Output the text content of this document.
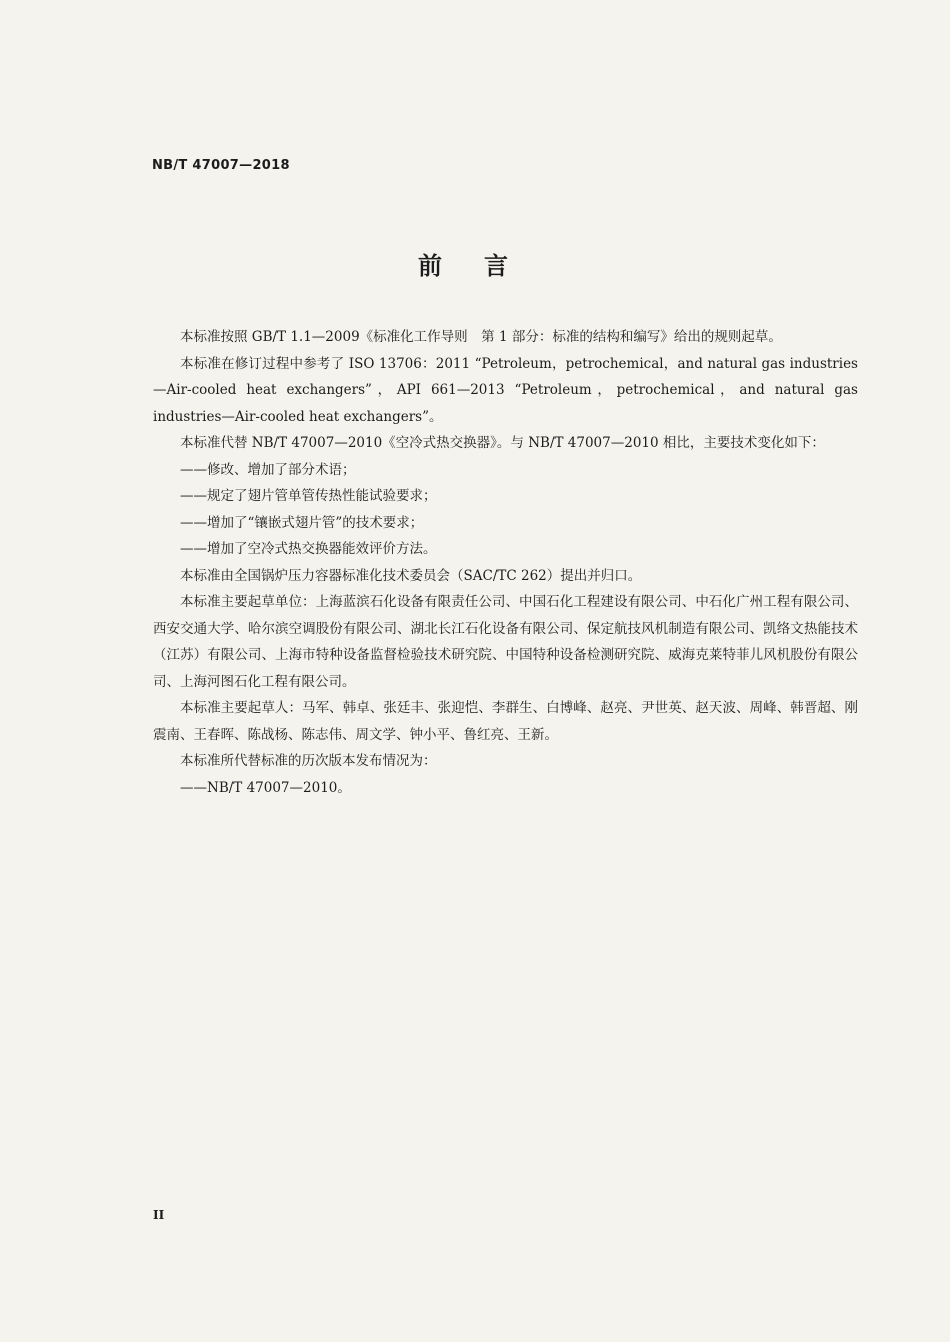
NB/T 47007—2018
前言

本标准按照 GB/T 1.1—2009《标准化工作导则　第 1 部分：标准的结构和编写》给出的规则起草。

本标准在修订过程中参考了 ISO 13706：2011 “Petroleum，petrochemical，and natural gas industries—Air-cooled heat exchangers”，API 661—2013 “Petroleum，petrochemical，and natural gas industries—Air-cooled heat exchangers”。

本标准代替 NB/T 47007—2010《空冷式热交换器》。与 NB/T 47007—2010 相比，主要技术变化如下：

——修改、增加了部分术语；

——规定了翅片管单管传热性能试验要求；

——增加了“镶嵌式翅片管”的技术要求；

——增加了空冷式热交换器能效评价方法。

本标准由全国锅炉压力容器标准化技术委员会（SAC/TC 262）提出并归口。

本标准主要起草单位：上海蓝滨石化设备有限责任公司、中国石化工程建设有限公司、中石化广州工程有限公司、西安交通大学、哈尔滨空调股份有限公司、湖北长江石化设备有限公司、保定航技风机制造有限公司、凯络文热能技术（江苏）有限公司、上海市特种设备监督检验技术研究院、中国特种设备检测研究院、威海克莱特菲儿风机股份有限公司、上海河图石化工程有限公司。

本标准主要起草人：马军、韩卓、张廷丰、张迎恺、李群生、白博峰、赵亮、尹世英、赵天波、周峰、韩晋超、刚震南、王春晖、陈战杨、陈志伟、周文学、钟小平、鲁红亮、王新。

本标准所代替标准的历次版本发布情况为：

——NB/T 47007—2010。

II
